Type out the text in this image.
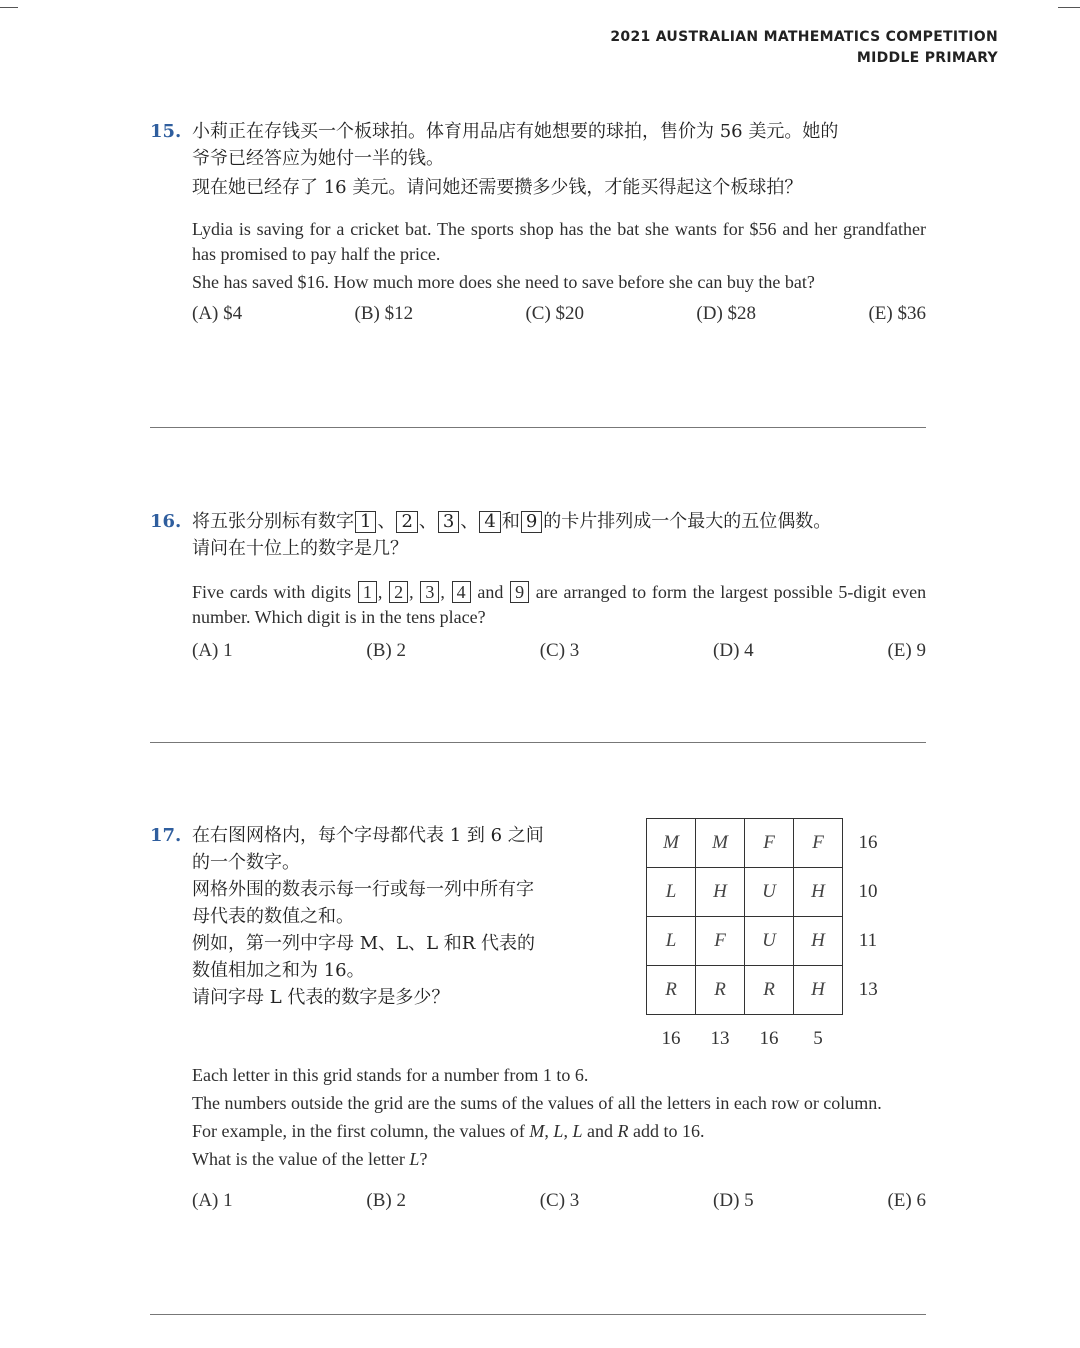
2021 AUSTRALIAN MATHEMATICS COMPETITION
MIDDLE PRIMARY
15. 小莉正在存钱买一个板球拍。体育用品店有她想要的球拍，售价为 56 美元。她的

爷爷已经答应为她付一半的钱。

现在她已经存了 16 美元。请问她还需要攒多少钱，才能买得起这个板球拍？

Lydia is saving for a cricket bat. The sports shop has the bat she wants for $56 and her grandfather has promised to pay half the price.

She has saved $16. How much more does she need to save before she can buy the bat?

(A) $4	(B) $12	(C) $20	(D) $28	(E) $36
16. 将五张分别标有数字 1 、 2 、 3 、 4 和 9 的卡片排列成一个最大的五位偶数。

请问在十位上的数字是几？

Five cards with digits 1 , 2 , 3 , 4 and 9 are arranged to form the largest possible 5-digit even number. Which digit is in the tens place?

(A) 1	(B) 2	(C) 3	(D) 4	(E) 9
17. 在右图网格内，每个字母都代表 1 到 6 之间

的一个数字。

网格外围的数表示每一行或每一列中所有字

母代表的数值之和。

例如，第一列中字母 M、L、L 和R 代表的

数值相加之和为 16。

请问字母 L 代表的数字是多少？

M	M	F	F	16
L	H	U	H	10
L	F	U	H	11
R	R	R	H	13
16	13	16	5	

Each letter in this grid stands for a number from 1 to 6.

The numbers outside the grid are the sums of the values of all the letters in each row or column.

For example, in the first column, the values of M, L, L and R add to 16.

What is the value of the letter L?

(A) 1	(B) 2	(C) 3	(D) 5	(E) 6
